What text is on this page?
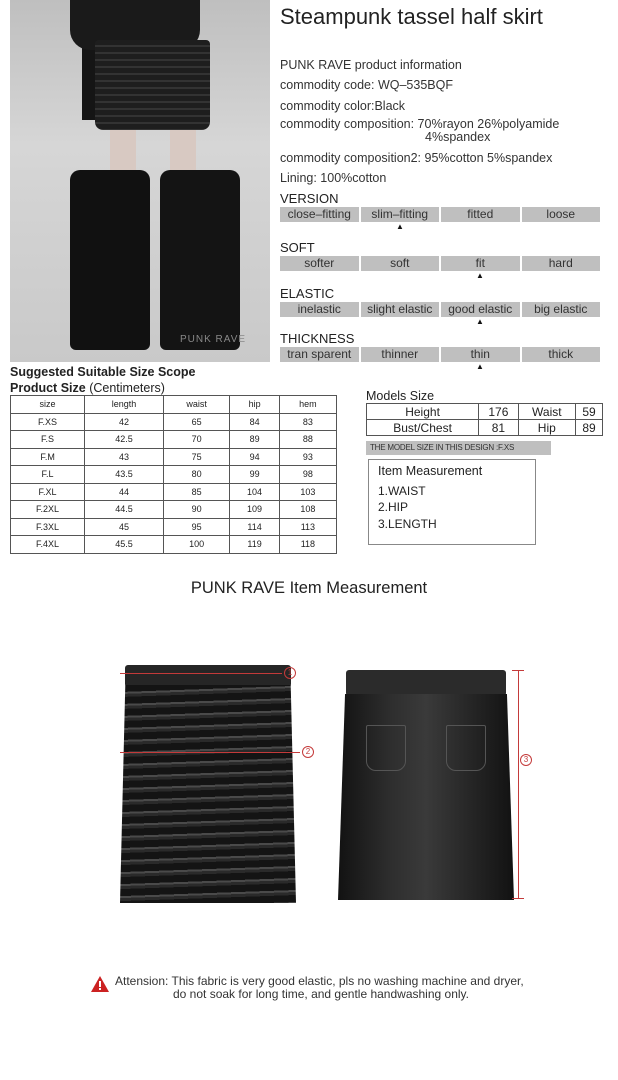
PUNK RAVE
Steampunk tassel half skirt
PUNK RAVE product information
commodity code: WQ–535BQF
commodity color:Black
commodity composition: 70%rayon 26%polyamide
4%spandex
commodity composition2: 95%cotton 5%spandex
Lining: 100%cotton
VERSION
close–fitting	slim–fitting	fitted	loose
▲
SOFT
softer	soft	fit	hard
▲
ELASTIC
inelastic	slight elastic	good elastic	big elastic
▲
THICKNESS
tran sparent	thinner	thin	thick
▲
Suggested Suitable Size Scope
Product Size (Centimeters)
size	length	waist	hip	hem
F.XS	42	65	84	83
F.S	42.5	70	89	88
F.M	43	75	94	93
F.L	43.5	80	99	98
F.XL	44	85	104	103
F.2XL	44.5	90	109	108
F.3XL	45	95	114	113
F.4XL	45.5	100	119	118
Models Size
Height	176	Waist	59
Bust/Chest	81	Hip	89
THE MODEL SIZE IN THIS DESIGN :F.XS
Item Measurement
1.WAIST
2.HIP
3.LENGTH
PUNK RAVE Item Measurement
1
2
3
Attension: This fabric is very good elastic, pls no washing machine and dryer,
do not soak for long time, and gentle handwashing only.
